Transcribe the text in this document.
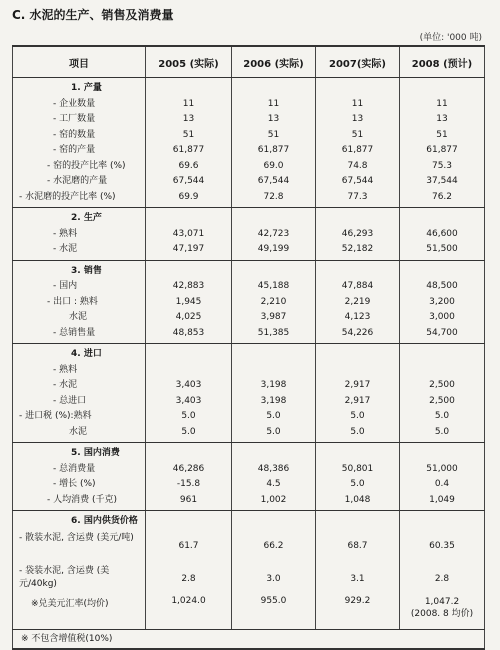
C. 水泥的生产、销售及消费量
(单位: '000 吨)
项目	2005 (实际)	2006 (实际)	2007(实际)	2008 (预计)
1. 产量				
- 企业数量	11	11	11	11
- 工厂数量	13	13	13	13
- 窑的数量	51	51	51	51
- 窑的产量	61,877	61,877	61,877	61,877
- 窑的投产比率 (%)	69.6	69.0	74.8	75.3
- 水泥磨的产量	67,544	67,544	67,544	37,544
- 水泥磨的投产比率 (%)	69.9	72.8	77.3	76.2
2. 生产				
- 熟料	43,071	42,723	46,293	46,600
- 水泥	47,197	49,199	52,182	51,500
3. 销售				
- 国内	42,883	45,188	47,884	48,500
- 出口 : 熟料	1,945	2,210	2,219	3,200
水泥	4,025	3,987	4,123	3,000
- 总销售量	48,853	51,385	54,226	54,700
4. 进口				
- 熟料				
- 水泥	3,403	3,198	2,917	2,500
- 总进口	3,403	3,198	2,917	2,500
- 进口税 (%):熟料	5.0	5.0	5.0	5.0
水泥	5.0	5.0	5.0	5.0
5. 国内消费				
- 总消费量	46,286	48,386	50,801	51,000
- 增长 (%)	-15.8	4.5	5.0	0.4
- 人均消费 (千克)	961	1,002	1,048	1,049
6. 国内供货价格				
- 散装水泥, 含运费 (美元/吨)	61.7	66.2	68.7	60.35
- 袋装水泥, 含运费 (美元/40kg)	2.8	3.0	3.1	2.8
※兑美元汇率(均价)	1,024.0	955.0	929.2	1,047.2
(2008. 8 均价)

※ 不包含增值税(10%)				
